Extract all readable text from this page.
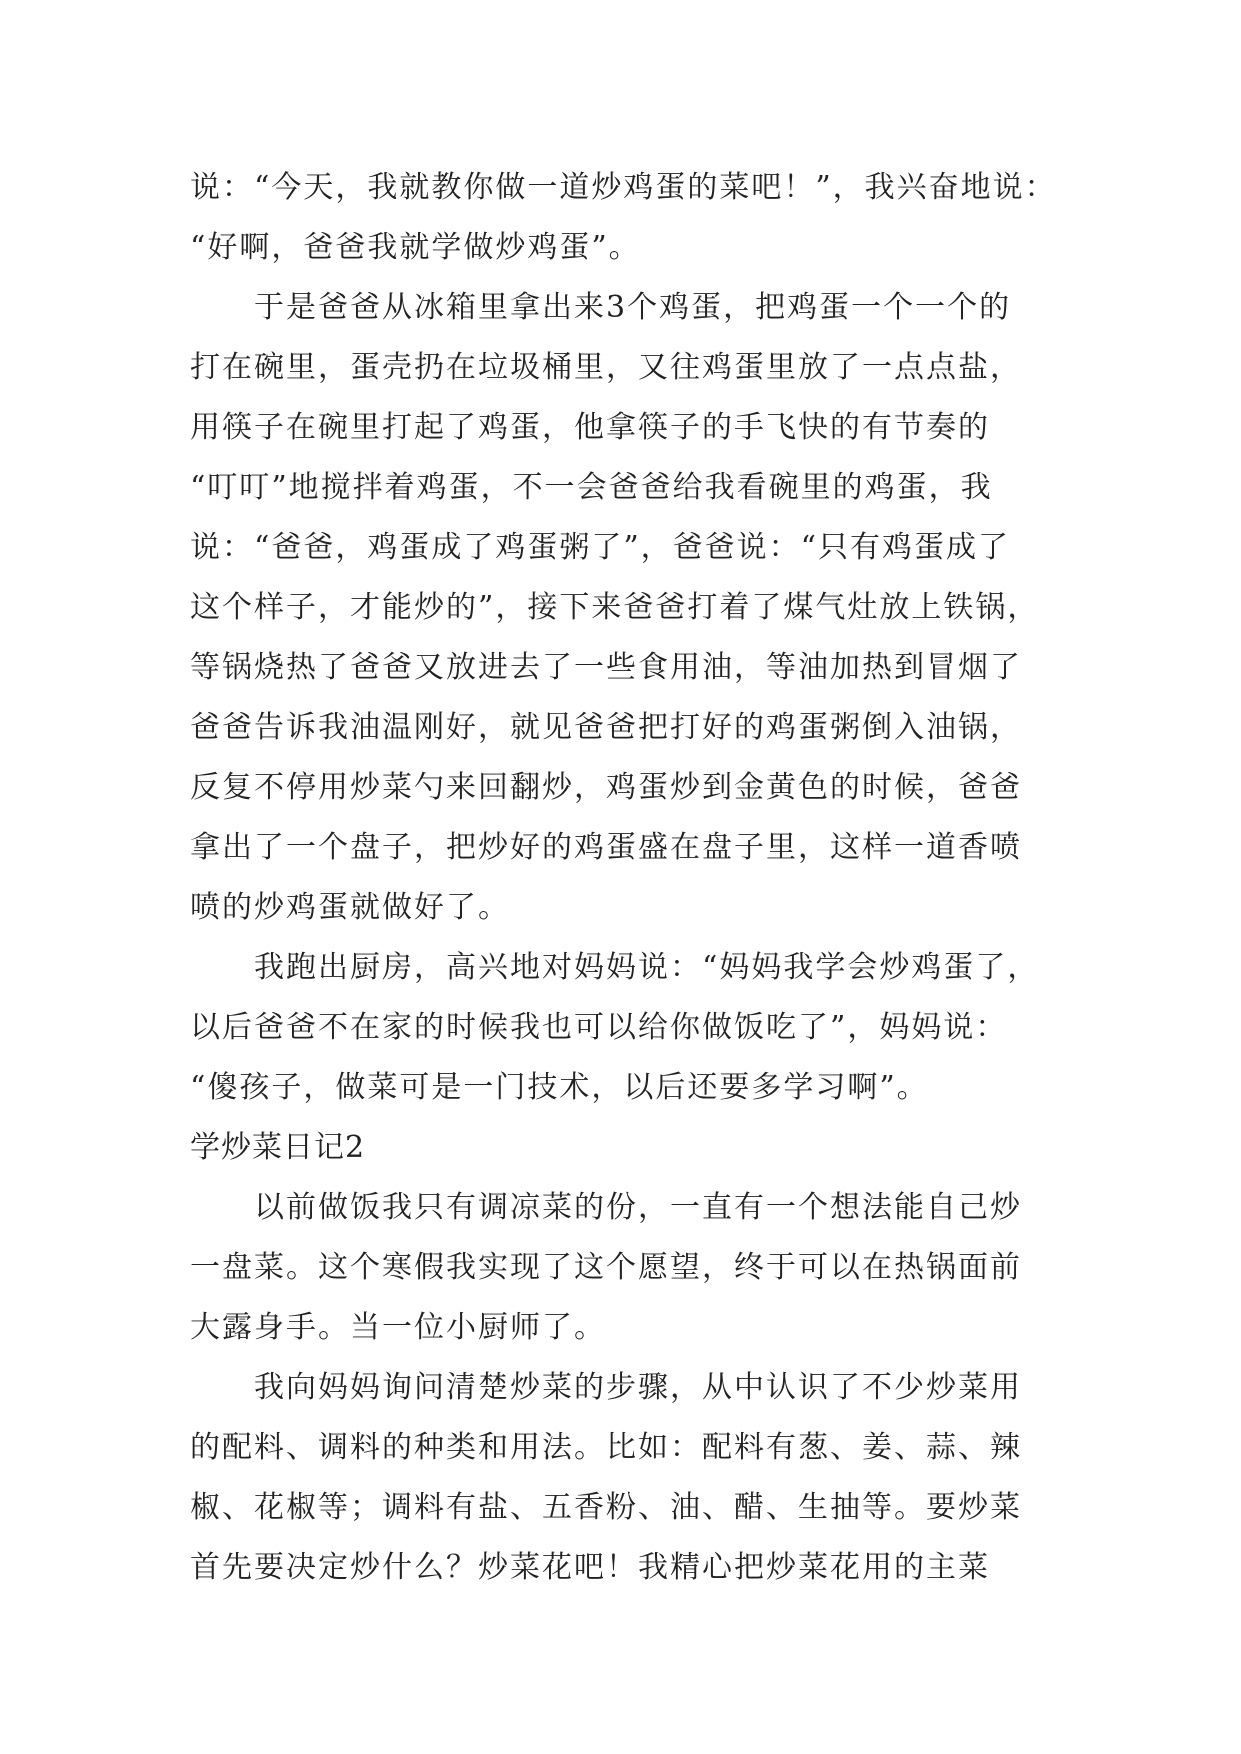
说：“今天，我就教你做一道炒鸡蛋的菜吧！”，我兴奋地说：
“好啊，爸爸我就学做炒鸡蛋”。
于是爸爸从冰箱里拿出来3个鸡蛋，把鸡蛋一个一个的
打在碗里，蛋壳扔在垃圾桶里，又往鸡蛋里放了一点点盐，
用筷子在碗里打起了鸡蛋，他拿筷子的手飞快的有节奏的
“叮叮”地搅拌着鸡蛋，不一会爸爸给我看碗里的鸡蛋，我
说：“爸爸，鸡蛋成了鸡蛋粥了”，爸爸说：“只有鸡蛋成了
这个样子，才能炒的”，接下来爸爸打着了煤气灶放上铁锅，
等锅烧热了爸爸又放进去了一些食用油，等油加热到冒烟了
爸爸告诉我油温刚好，就见爸爸把打好的鸡蛋粥倒入油锅，
反复不停用炒菜勺来回翻炒，鸡蛋炒到金黄色的时候，爸爸
拿出了一个盘子，把炒好的鸡蛋盛在盘子里，这样一道香喷
喷的炒鸡蛋就做好了。
我跑出厨房，高兴地对妈妈说：“妈妈我学会炒鸡蛋了，
以后爸爸不在家的时候我也可以给你做饭吃了”，妈妈说：
“傻孩子，做菜可是一门技术，以后还要多学习啊”。
学炒菜日记2
以前做饭我只有调凉菜的份，一直有一个想法能自己炒
一盘菜。这个寒假我实现了这个愿望，终于可以在热锅面前
大露身手。当一位小厨师了。
我向妈妈询问清楚炒菜的步骤，从中认识了不少炒菜用
的配料、调料的种类和用法。比如：配料有葱、姜、蒜、辣
椒、花椒等；调料有盐、五香粉、油、醋、生抽等。要炒菜
首先要决定炒什么？炒菜花吧！我精心把炒菜花用的主菜
